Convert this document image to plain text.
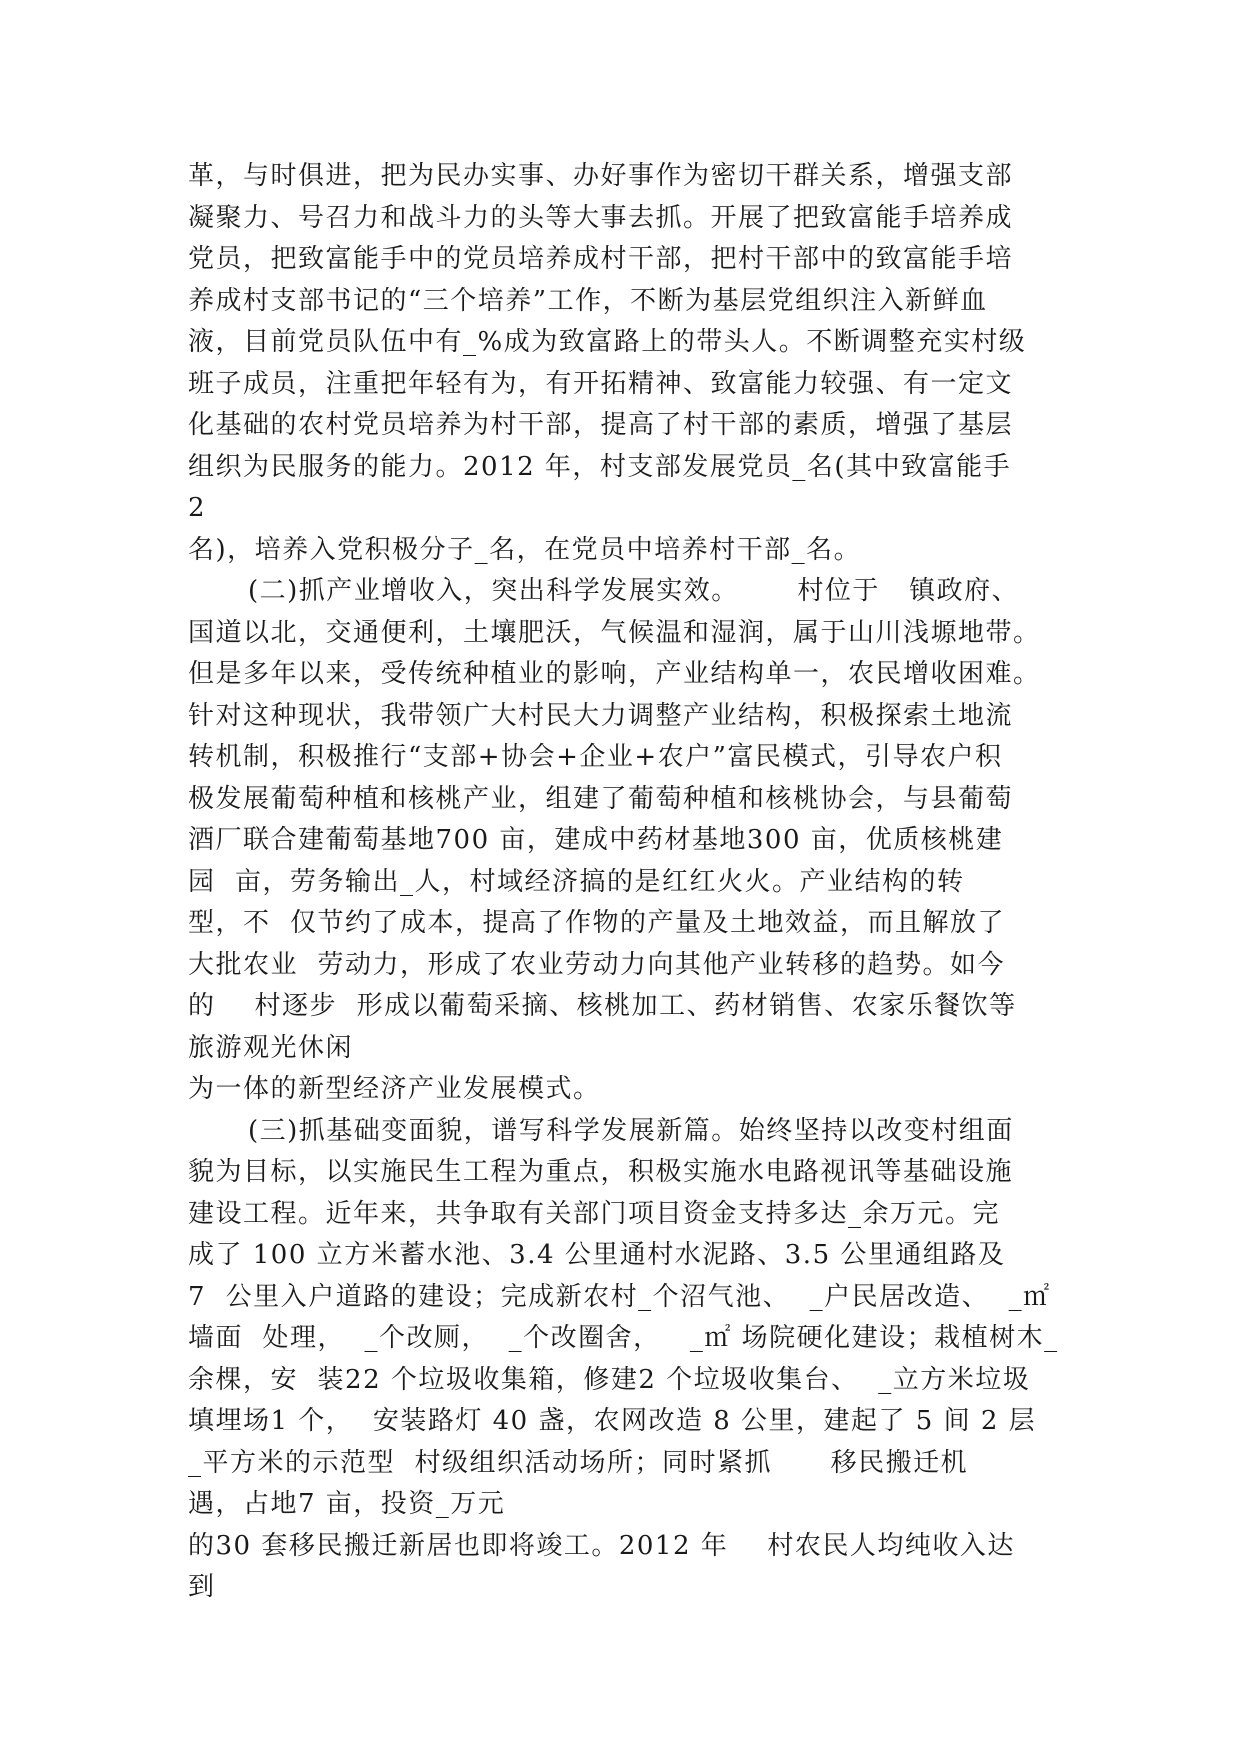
革，与时俱进，把为民办实事、办好事作为密切干群关系，增强支部
凝聚力、号召力和战斗力的头等大事去抓。开展了把致富能手培养成
党员，把致富能手中的党员培养成村干部，把村干部中的致富能手培
养成村支部书记的“三个培养”工作，不断为基层党组织注入新鲜血
液，目前党员队伍中有_%成为致富路上的带头人。不断调整充实村级
班子成员，注重把年轻有为，有开拓精神、致富能力较强、有一定文
化基础的农村党员培养为村干部，提高了村干部的素质，增强了基层
组织为民服务的能力。2012 年，村支部发展党员_名(其中致富能手
2
名)，培养入党积极分子_名，在党员中培养村干部_名。
(二)抓产业增收入，突出科学发展实效。      村位于   镇政府、
国道以北，交通便利，土壤肥沃，气候温和湿润，属于山川浅塬地带。
但是多年以来，受传统种植业的影响，产业结构单一，农民增收困难。
针对这种现状，我带领广大村民大力调整产业结构，积极探索土地流
转机制，积极推行“支部+协会+企业+农户”富民模式，引导农户积
极发展葡萄种植和核桃产业，组建了葡萄种植和核桃协会，与县葡萄
酒厂联合建葡萄基地700 亩，建成中药材基地300 亩，优质核桃建
园  亩，劳务输出_人，村域经济搞的是红红火火。产业结构的转
型，不  仅节约了成本，提高了作物的产量及土地效益，而且解放了
大批农业  劳动力，形成了农业劳动力向其他产业转移的趋势。如今
的    村逐步  形成以葡萄采摘、核桃加工、药材销售、农家乐餐饮等
旅游观光休闲
为一体的新型经济产业发展模式。
(三)抓基础变面貌，谱写科学发展新篇。始终坚持以改变村组面
貌为目标，以实施民生工程为重点，积极实施水电路视讯等基础设施
建设工程。近年来，共争取有关部门项目资金支持多达_余万元。完
成了 100 立方米蓄水池、3.4 公里通村水泥路、3.5 公里通组路及
7  公里入户道路的建设；完成新农村_个沼气池、  _户民居改造、  _㎡
墙面  处理，  _个改厕，  _个改圈舍，   _㎡ 场院硬化建设；栽植树木_
余棵，安  装22 个垃圾收集箱，修建2 个垃圾收集台、  _立方米垃圾
填埋场1 个，  安装路灯 40 盏，农网改造 8 公里，建起了 5 间 2 层
_平方米的示范型  村级组织活动场所；同时紧抓      移民搬迁机
遇，占地7 亩，投资_万元
的30 套移民搬迁新居也即将竣工。2012 年    村农民人均纯收入达
到
